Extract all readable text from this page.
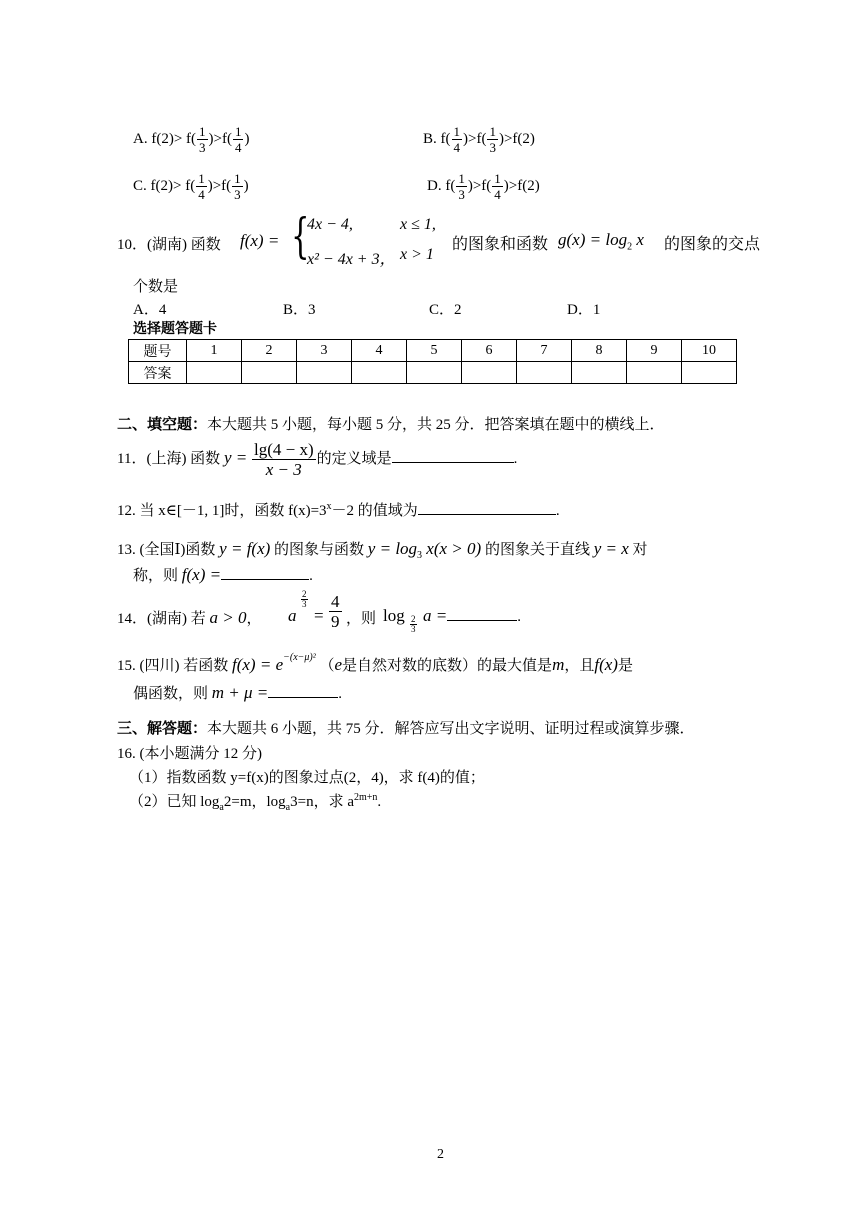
A. $f(2)> f( \frac{1}{3} )>f( \frac{1}{4}$ )	B. $f( \frac{1}{4} )>f( \frac{1}{3} )>f(2)$
C. $f(2)> f( \frac{1}{4} )>f( \frac{1}{3}$ )	D. $f( \frac{1}{3} )>f( \frac{1}{4} )>f(2)$
10．(湖南) 函数 f(x) = {
4x − 4,	x ≤ 1,
x² − 4x + 3， x > 1
的图象和函数 $g(x) = \log_2 x$ 的图象的交点
个数是
A．4	B．3	C．2	D．1
选择题答题卡
题号	1	2	3	4	5	6	7	8	9	10
答案										
二、填空题：本大题共 5 小题，每小题 5 分，共 25 分．把答案填在题中的横线上．
11．(上海) 函数 $y = \frac{\lg(4 - x)}{x - 3}$ 的定义域是	.
12. 当 x∈[－1, 1]时，函数 $f(x)=3^x-2$ 的值域为	.
13. (全国Ⅰ)函数 y = f(x) 的图象与函数 $y = \log_3 x(x > 0)$ 的图象关于直线 y = x 对
称，则 f(x) =	.
14．(湖南) 若 a > 0， a
$\frac{2}{3}$
= $\frac{4}{9}$ ，则 $\log \frac{2}{3}$ a =	.
15. (四川) 若函数 $f(x) = e^{-(x-\mu)^2}$ （e是自然对数的底数）的最大值是m，且f(x)是
偶函数，则 m + μ =	.
三、解答题：本大题共 6 小题，共 75 分．解答应写出文字说明、证明过程或演算步骤．
16. (本小题满分 12 分)
（1）指数函数 y=f(x)的图象过点(2，4)，求 f(4)的值；
（2）已知 $\log_a2=m$，$\log_a3=n$，求 $a^{2m+n}$.
2
